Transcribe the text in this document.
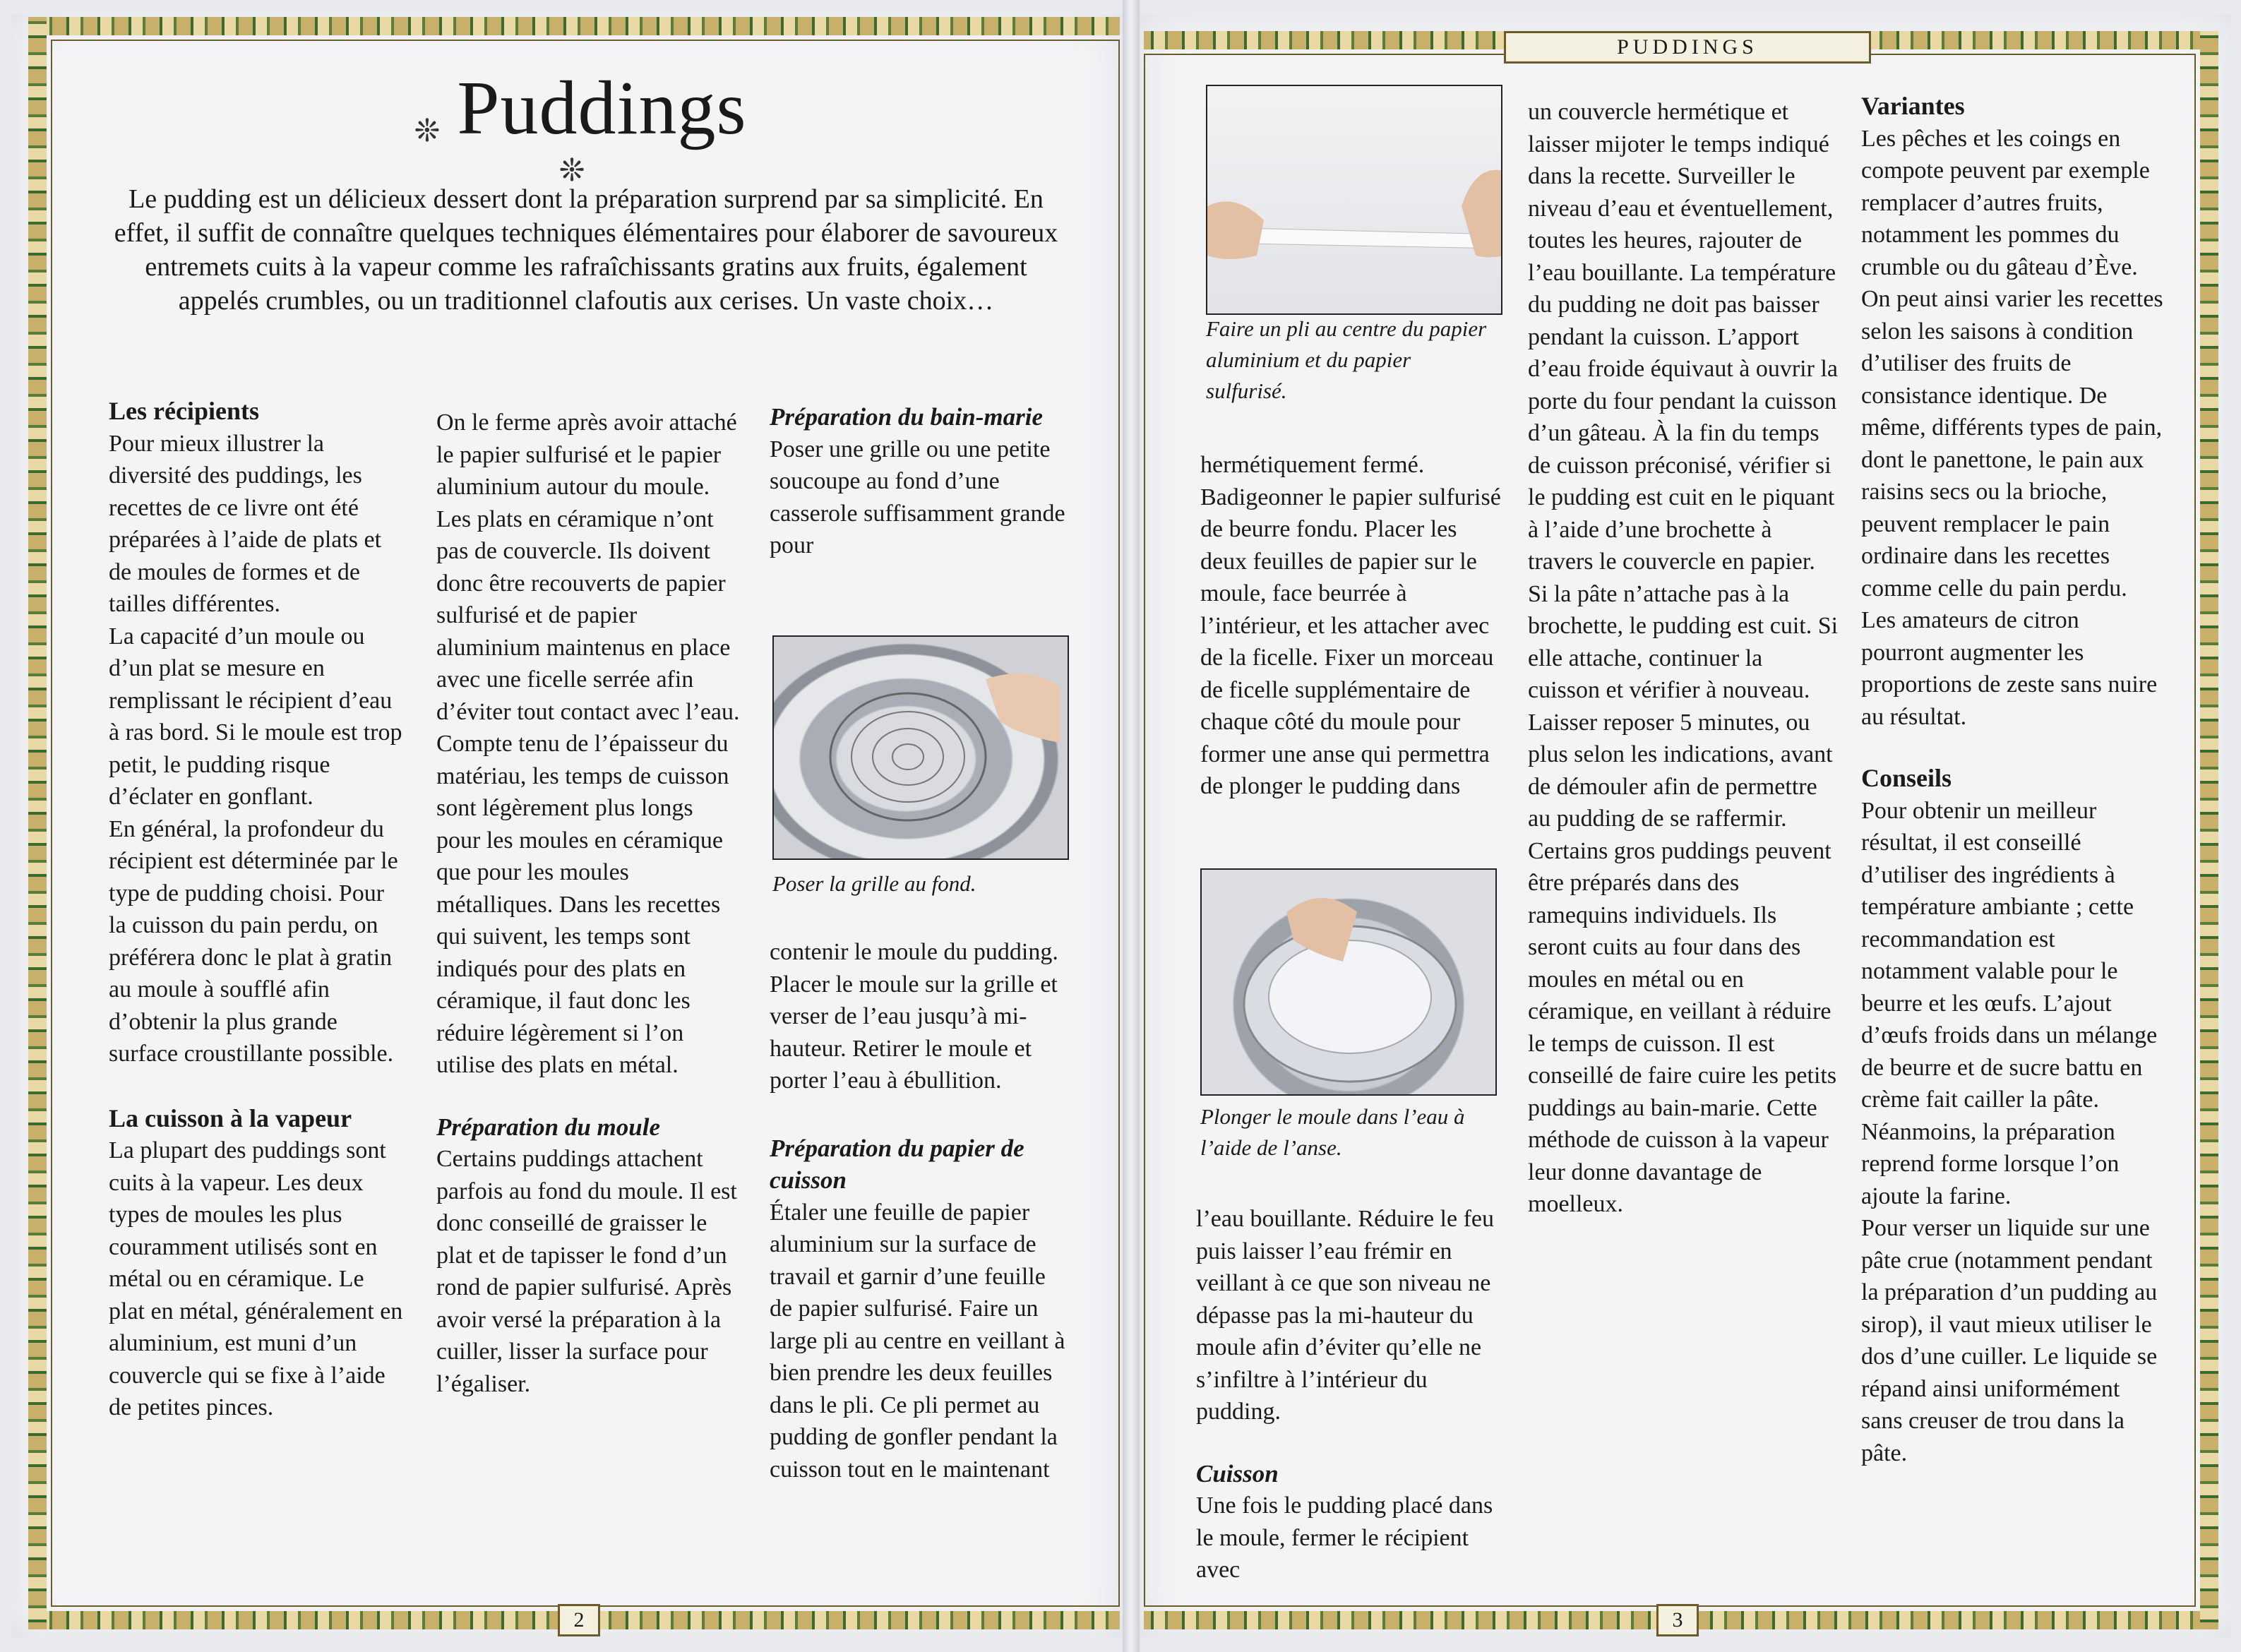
PUDDINGS
❊ Puddings❊

Le pudding est un délicieux dessert dont la préparation surprend par sa simplicité. En effet, il suffit de connaître quelques techniques élémentaires pour élaborer de savoureux entremets cuits à la vapeur comme les rafraîchissants gratins aux fruits, également appelés crumbles, ou un traditionnel clafoutis aux cerises. Un vaste choix…

Les récipients

Pour mieux illustrer la diversité des puddings, les recettes de ce livre ont été préparées à l’aide de plats et de moules de formes et de tailles différentes.

La capacité d’un moule ou d’un plat se mesure en remplissant le récipient d’eau à ras bord. Si le moule est trop petit, le pudding risque d’éclater en gonflant.

En général, la profondeur du récipient est déterminée par le type de pudding choisi. Pour la cuisson du pain perdu, on préférera donc le plat à gratin au moule à soufflé afin d’obtenir la plus grande surface croustillante possible.

La cuisson à la vapeur

La plupart des puddings sont cuits à la vapeur. Les deux types de moules les plus couramment utilisés sont en métal ou en céramique. Le plat en métal, généralement en aluminium, est muni d’un couvercle qui se fixe à l’aide de petites pinces.

On le ferme après avoir attaché le papier sulfurisé et le papier aluminium autour du moule. Les plats en céramique n’ont pas de couvercle. Ils doivent donc être recouverts de papier sulfurisé et de papier aluminium maintenus en place avec une ficelle serrée afin d’éviter tout contact avec l’eau.

Compte tenu de l’épaisseur du matériau, les temps de cuisson sont légèrement plus longs pour les moules en céramique que pour les moules métalliques. Dans les recettes qui suivent, les temps sont indiqués pour des plats en céramique, il faut donc les réduire légèrement si l’on utilise des plats en métal.

Préparation du moule

Certains puddings attachent parfois au fond du moule. Il est donc conseillé de graisser le plat et de tapisser le fond d’un rond de papier sulfurisé. Après avoir versé la préparation à la cuiller, lisser la surface pour l’égaliser.

Préparation du bain-marie

Poser une grille ou une petite soucoupe au fond d’une casserole suffisamment grande pour

Poser la grille au fond.

contenir le moule du pudding. Placer le moule sur la grille et verser de l’eau jusqu’à mi-hauteur. Retirer le moule et porter l’eau à ébullition.

Préparation du papier de cuisson

Étaler une feuille de papier aluminium sur la surface de travail et garnir d’une feuille de papier sulfurisé. Faire un large pli au centre en veillant à bien prendre les deux feuilles dans le pli. Ce pli permet au pudding de gonfler pendant la cuisson tout en le maintenant

2

Faire un pli au centre du papier aluminium et du papier sulfurisé.

hermétiquement fermé. Badigeonner le papier sulfurisé de beurre fondu. Placer les deux feuilles de papier sur le moule, face beurrée à l’intérieur, et les attacher avec de la ficelle. Fixer un morceau de ficelle supplémentaire de chaque côté du moule pour former une anse qui permettra de plonger le pudding dans

Plonger le moule dans l’eau à l’aide de l’anse.

l’eau bouillante. Réduire le feu puis laisser l’eau frémir en veillant à ce que son niveau ne dépasse pas la mi-hauteur du moule afin d’éviter qu’elle ne s’infiltre à l’intérieur du pudding.

Cuisson

Une fois le pudding placé dans le moule, fermer le récipient avec

un couvercle hermétique et laisser mijoter le temps indiqué dans la recette. Surveiller le niveau d’eau et éventuellement, toutes les heures, rajouter de l’eau bouillante. La température du pudding ne doit pas baisser pendant la cuisson. L’apport d’eau froide équivaut à ouvrir la porte du four pendant la cuisson d’un gâteau. À la fin du temps de cuisson préconisé, vérifier si le pudding est cuit en le piquant à l’aide d’une brochette à travers le couvercle en papier. Si la pâte n’attache pas à la brochette, le pudding est cuit. Si elle attache, continuer la cuisson et vérifier à nouveau.

Laisser reposer 5 minutes, ou plus selon les indications, avant de démouler afin de permettre au pudding de se raffermir.

Certains gros puddings peuvent être préparés dans des ramequins individuels. Ils seront cuits au four dans des moules en métal ou en céramique, en veillant à réduire le temps de cuisson. Il est conseillé de faire cuire les petits puddings au bain-marie. Cette méthode de cuisson à la vapeur leur donne davantage de moelleux.

Variantes

Les pêches et les coings en compote peuvent par exemple remplacer d’autres fruits, notamment les pommes du crumble ou du gâteau d’Ève. On peut ainsi varier les recettes selon les saisons à condition d’utiliser des fruits de consistance identique. De même, différents types de pain, dont le panettone, le pain aux raisins secs ou la brioche, peuvent remplacer le pain ordinaire dans les recettes comme celle du pain perdu. Les amateurs de citron pourront augmenter les proportions de zeste sans nuire au résultat.

Conseils

Pour obtenir un meilleur résultat, il est conseillé d’utiliser des ingrédients à température ambiante ; cette recommandation est notamment valable pour le beurre et les œufs. L’ajout d’œufs froids dans un mélange de beurre et de sucre battu en crème fait cailler la pâte. Néanmoins, la préparation reprend forme lorsque l’on ajoute la farine.

Pour verser un liquide sur une pâte crue (notamment pendant la préparation d’un pudding au sirop), il vaut mieux utiliser le dos d’une cuiller. Le liquide se répand ainsi uniformément sans creuser de trou dans la pâte.

3
